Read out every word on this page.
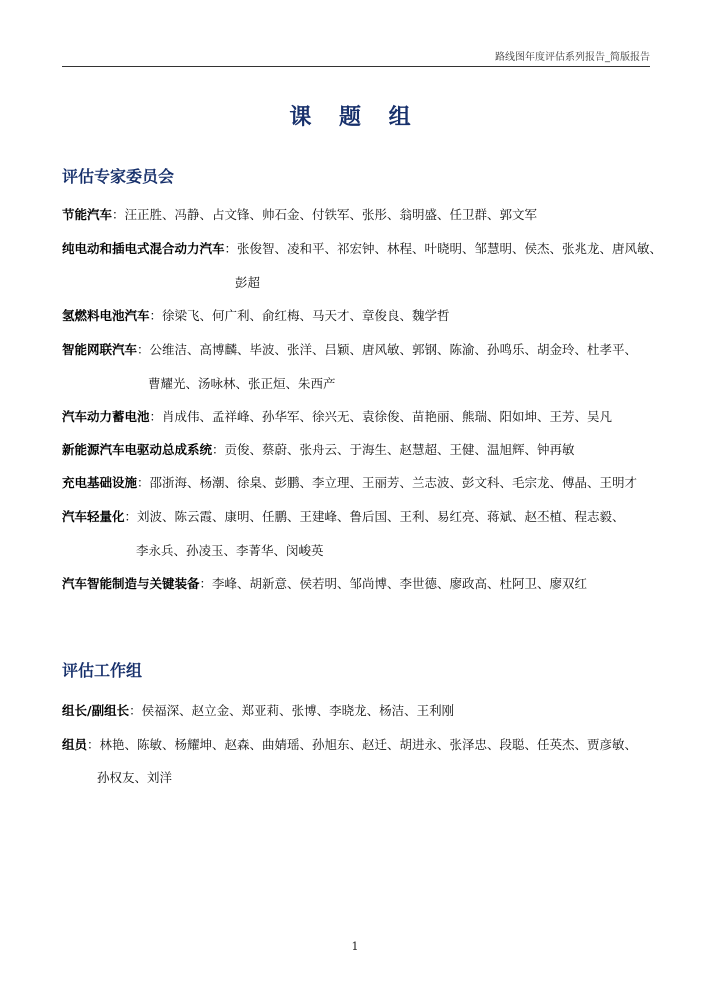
路线图年度评估系列报告_简版报告
课 题 组
评估专家委员会
节能汽车：汪正胜、冯静、占文锋、帅石金、付铁军、张彤、翁明盛、任卫群、郭文军
纯电动和插电式混合动力汽车：张俊智、凌和平、祁宏钟、林程、叶晓明、邹慧明、侯杰、张兆龙、唐风敏、
彭超
氢燃料电池汽车：徐梁飞、何广利、俞红梅、马天才、章俊良、魏学哲
智能网联汽车：公维洁、高博麟、毕波、张洋、吕颖、唐风敏、郭钢、陈渝、孙鸣乐、胡金玲、杜孝平、
曹耀光、汤咏林、张正烜、朱西产
汽车动力蓄电池：肖成伟、孟祥峰、孙华军、徐兴无、袁徐俊、苗艳丽、熊瑞、阳如坤、王芳、吴凡
新能源汽车电驱动总成系统：贡俊、蔡蔚、张舟云、于海生、赵慧超、王健、温旭辉、钟再敏
充电基础设施：邵浙海、杨潮、徐臬、彭鹏、李立理、王丽芳、兰志波、彭文科、毛宗龙、傅晶、王明才
汽车轻量化：刘波、陈云霞、康明、任鹏、王建峰、鲁后国、王利、易红亮、蒋斌、赵丕植、程志毅、
李永兵、孙凌玉、李菁华、闵峻英
汽车智能制造与关键装备：李峰、胡新意、侯若明、邹尚博、李世德、廖政高、杜阿卫、廖双红
评估工作组
组长/副组长：侯福深、赵立金、郑亚莉、张博、李晓龙、杨洁、王利刚
组员：林艳、陈敏、杨耀坤、赵森、曲婧瑶、孙旭东、赵迁、胡进永、张泽忠、段聪、任英杰、贾彦敏、
孙权友、刘洋
1
